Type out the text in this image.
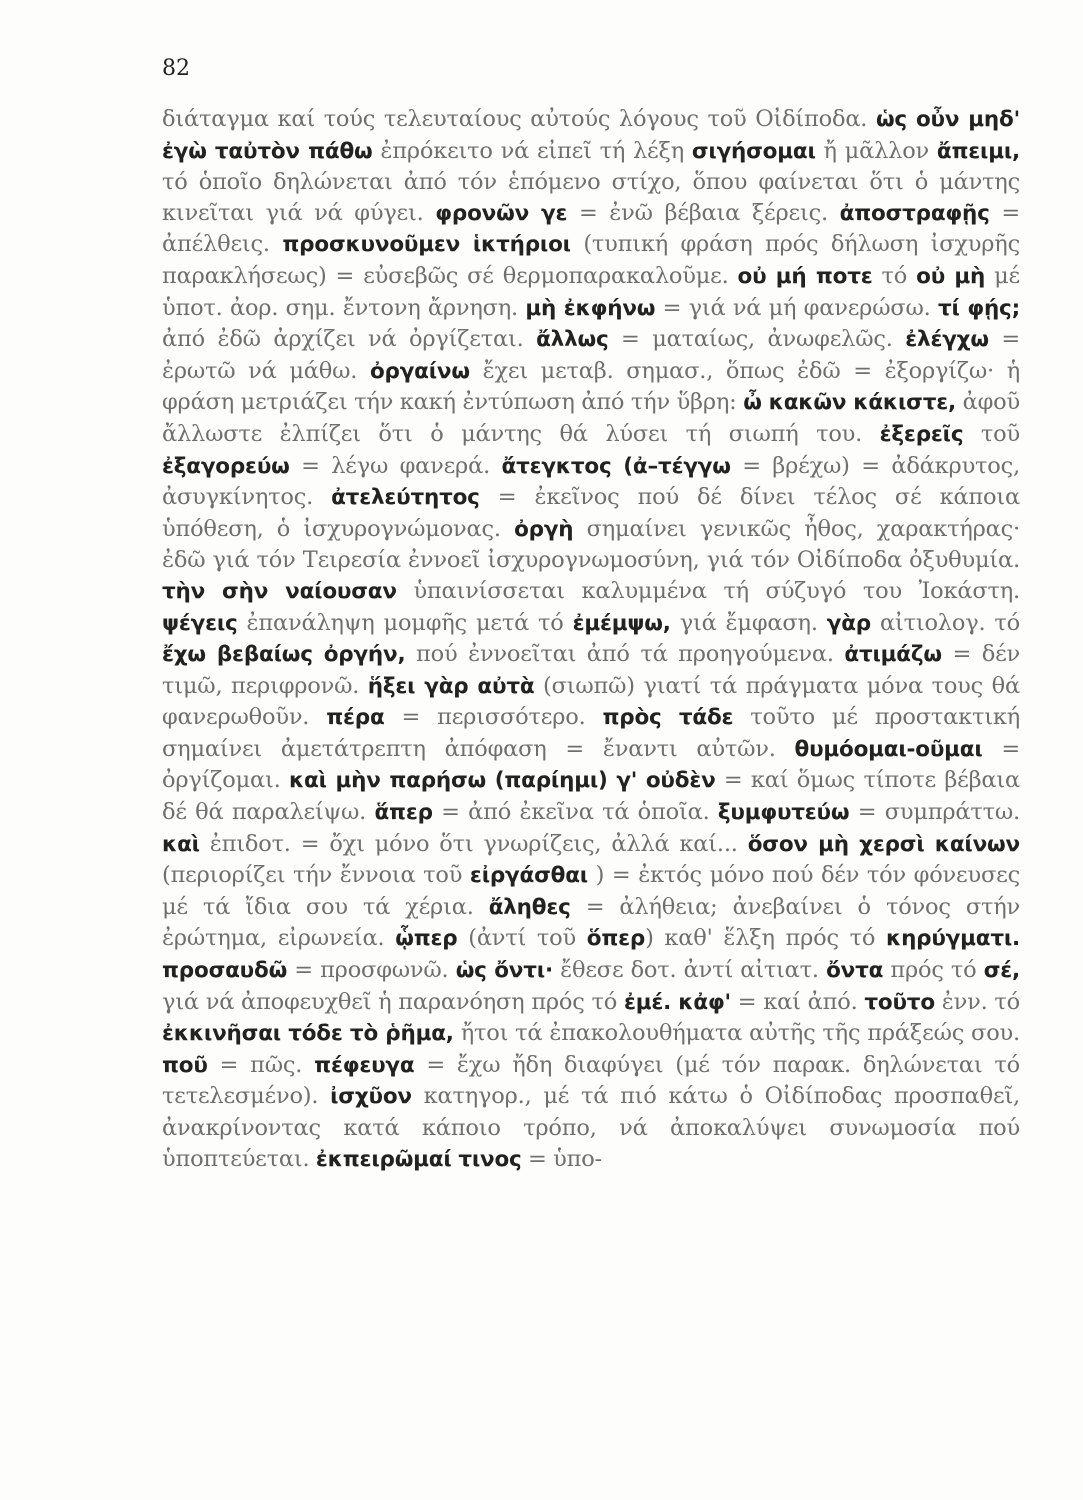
82
διάταγμα καί τούς τελευταίους αὐτούς λόγους τοῦ Οἰδίποδα. ὡς οὖν μηδ' ἐγὼ ταὐτὸν πάθω ἐπρόκειτο νά εἰπεῖ τή λέξη σιγήσομαι ἤ μᾶλλον ἄπειμι, τό ὁποῖο δηλώνεται ἀπό τόν ἑπόμενο στίχο, ὅπου φαίνεται ὅτι ὁ μάντης κινεῖται γιά νά φύγει. φρονῶν γε = ἐνῶ βέβαια ξέρεις. ἀποστραφῇς = ἀπέλθεις. προσκυνοῦμεν ἱκτήριοι (τυπική φράση πρός δήλωση ἰσχυρῆς παρακλήσεως) = εὐσεβῶς σέ θερμοπαρακαλοῦμε. οὐ μή ποτε τό οὐ μὴ μέ ὑποτ. ἀορ. σημ. ἔντονη ἄρνηση. μὴ ἐκφήνω = γιά νά μή φανερώσω. τί φῄς; ἀπό ἐδῶ ἀρχίζει νά ὀργίζεται. ἄλλως = ματαίως, ἀνωφελῶς. ἐλέγχω = ἐρωτῶ νά μάθω. ὀργαίνω ἔχει μεταβ. σημασ., ὅπως ἐδῶ = ἐξοργίζω· ἡ φράση μετριάζει τήν κακή ἐντύπωση ἀπό τήν ὕβρη: ὦ κακῶν κάκιστε, ἀφοῦ ἄλλωστε ἐλπίζει ὅτι ὁ μάντης θά λύσει τή σιωπή του. ἐξερεῖς τοῦ ἐξαγορεύω = λέγω φανερά. ἄτεγκτος (ἀ–τέγγω = βρέχω) = ἀδάκρυτος, ἀσυγκίνητος. ἀτελεύτητος = ἐκεῖνος πού δέ δίνει τέλος σέ κάποια ὑπόθεση, ὁ ἰσχυρογνώμονας. ὀργὴ σημαίνει γενικῶς ἦθος, χαρακτήρας· ἐδῶ γιά τόν Τειρεσία ἐννοεῖ ἰσχυρογνωμοσύνη, γιά τόν Οἰδίποδα ὀξυθυμία. τὴν σὴν ναίουσαν ὑπαινίσσεται καλυμμένα τή σύζυγό του Ἰοκάστη. ψέγεις ἐπανάληψη μομφῆς μετά τό ἐμέμψω, γιά ἔμφαση. γὰρ αἰτιολογ. τό ἔχω βεβαίως ὀργήν, πού ἐννοεῖται ἀπό τά προηγούμενα. ἀτιμάζω = δέν τιμῶ, περιφρονῶ. ἥξει γὰρ αὐτὰ (σιωπῶ) γιατί τά πράγματα μόνα τους θά φανερωθοῦν. πέρα = περισσότερο. πρὸς τάδε τοῦτο μέ προστακτική σημαίνει ἀμετάτρεπτη ἀπόφαση = ἔναντι αὐτῶν. θυμόομαι-οῦμαι = ὀργίζομαι. καὶ μὴν παρήσω (παρίημι) γ' οὐδὲν = καί ὅμως τίποτε βέβαια δέ θά παραλείψω. ἅπερ = ἀπό ἐκεῖνα τά ὁποῖα. ξυμφυτεύω = συμπράττω. καὶ ἐπιδοτ. = ὄχι μόνο ὅτι γνωρίζεις, ἀλλά καί... ὅσον μὴ χερσὶ καίνων (περιορίζει τήν ἔννοια τοῦ εἰργάσθαι ) = ἐκτός μόνο πού δέν τόν φόνευσες μέ τά ἴδια σου τά χέρια. ἄληθες = ἀλήθεια; ἀνεβαίνει ὁ τόνος στήν ἐρώτημα, εἰρωνεία. ᾧπερ (ἀντί τοῦ ὅπερ) καθ' ἕλξη πρός τό κηρύγματι. προσαυδῶ = προσφωνῶ. ὡς ὄντι· ἔθεσε δοτ. ἀντί αἰτιατ. ὄντα πρός τό σέ, γιά νά ἀποφευχθεῖ ἡ παρανόηση πρός τό ἐμέ. κἀφ' = καί ἀπό. τοῦτο ἐνν. τό ἐκκινῆσαι τόδε τὸ ῥῆμα, ἤτοι τά ἐπακολουθήματα αὐτῆς τῆς πράξεώς σου. ποῦ = πῶς. πέφευγα = ἔχω ἤδη διαφύγει (μέ τόν παρακ. δηλώνεται τό τετελεσμένο). ἰσχῦον κατηγορ., μέ τά πιό κάτω ὁ Οἰδίποδας προσπαθεῖ, ἀνακρίνοντας κατά κάποιο τρόπο, νά ἀποκαλύψει συνωμοσία πού ὑποπτεύεται. ἐκπειρῶμαί τινος = ὑπο-
